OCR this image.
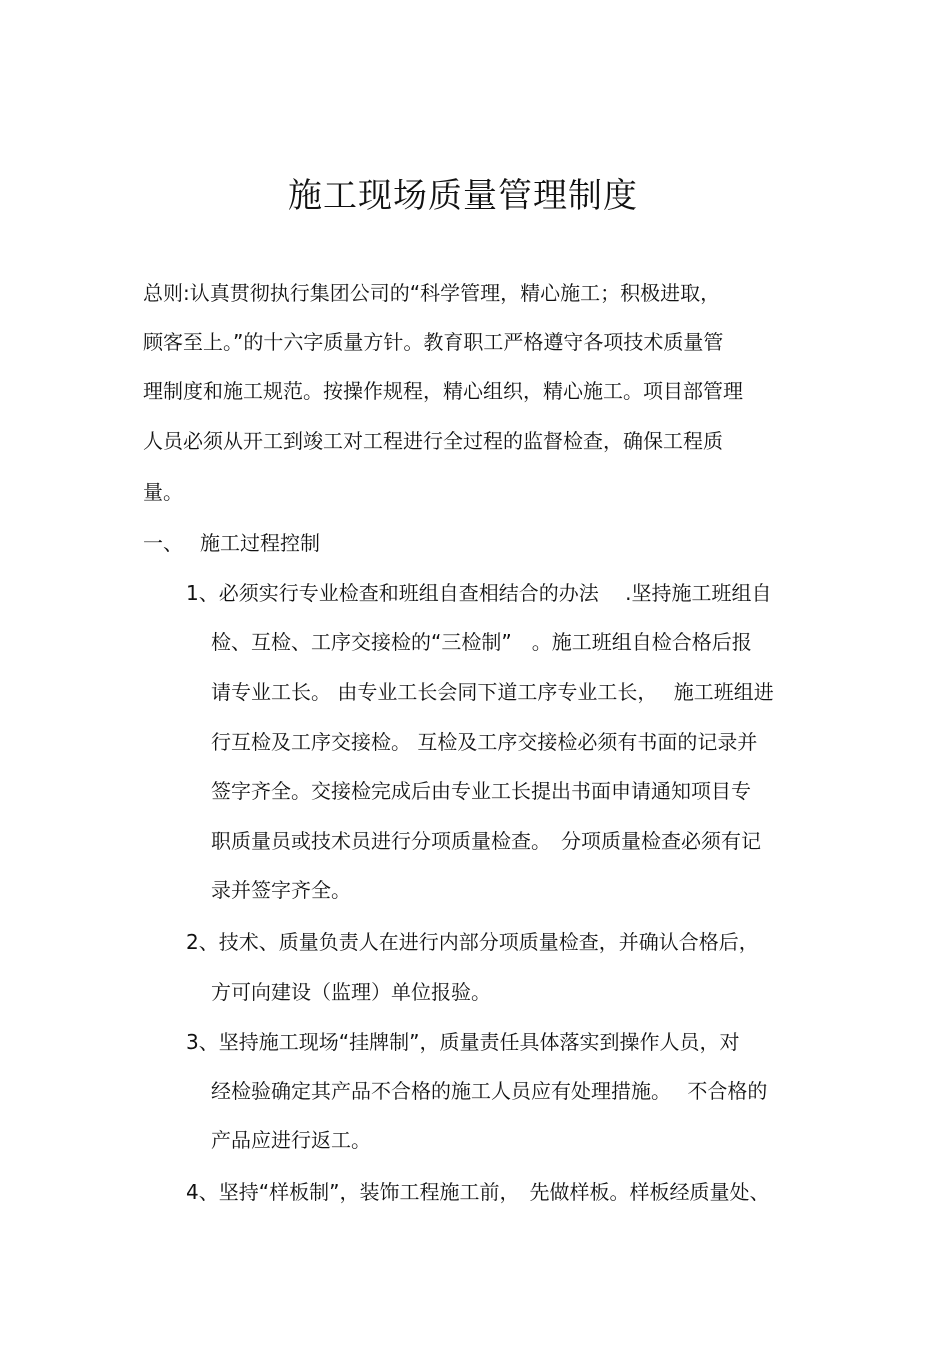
施工现场质量管理制度
总则:认真贯彻执行集团公司的“科学管理，精心施工；积极进取，
顾客至上。”的十六字质量方针。教育职工严格遵守各项技术质量管
理制度和施工规范。按操作规程，精心组织，精心施工。项目部管理
人员必须从开工到竣工对工程进行全过程的监督检查，确保工程质
量。
一、 施工过程控制
1、必须实行专业检查和班组自查相结合的办法　 .坚持施工班组自
检、互检、工序交接检的“三检制”　。施工班组自检合格后报
请专业工长。 由专业工长会同下道工序专业工长，　 施工班组进
行互检及工序交接检。 互检及工序交接检必须有书面的记录并
签字齐全。交接检完成后由专业工长提出书面申请通知项目专
职质量员或技术员进行分项质量检查。　分项质量检查必须有记
录并签字齐全。
2、技术、质量负责人在进行内部分项质量检查，并确认合格后，
方可向建设（监理）单位报验。
3、坚持施工现场“挂牌制”，质量责任具体落实到操作人员，对
经检验确定其产品不合格的施工人员应有处理措施。　 不合格的
产品应进行返工。
4、坚持“样板制”，装饰工程施工前，　先做样板。样板经质量处、
